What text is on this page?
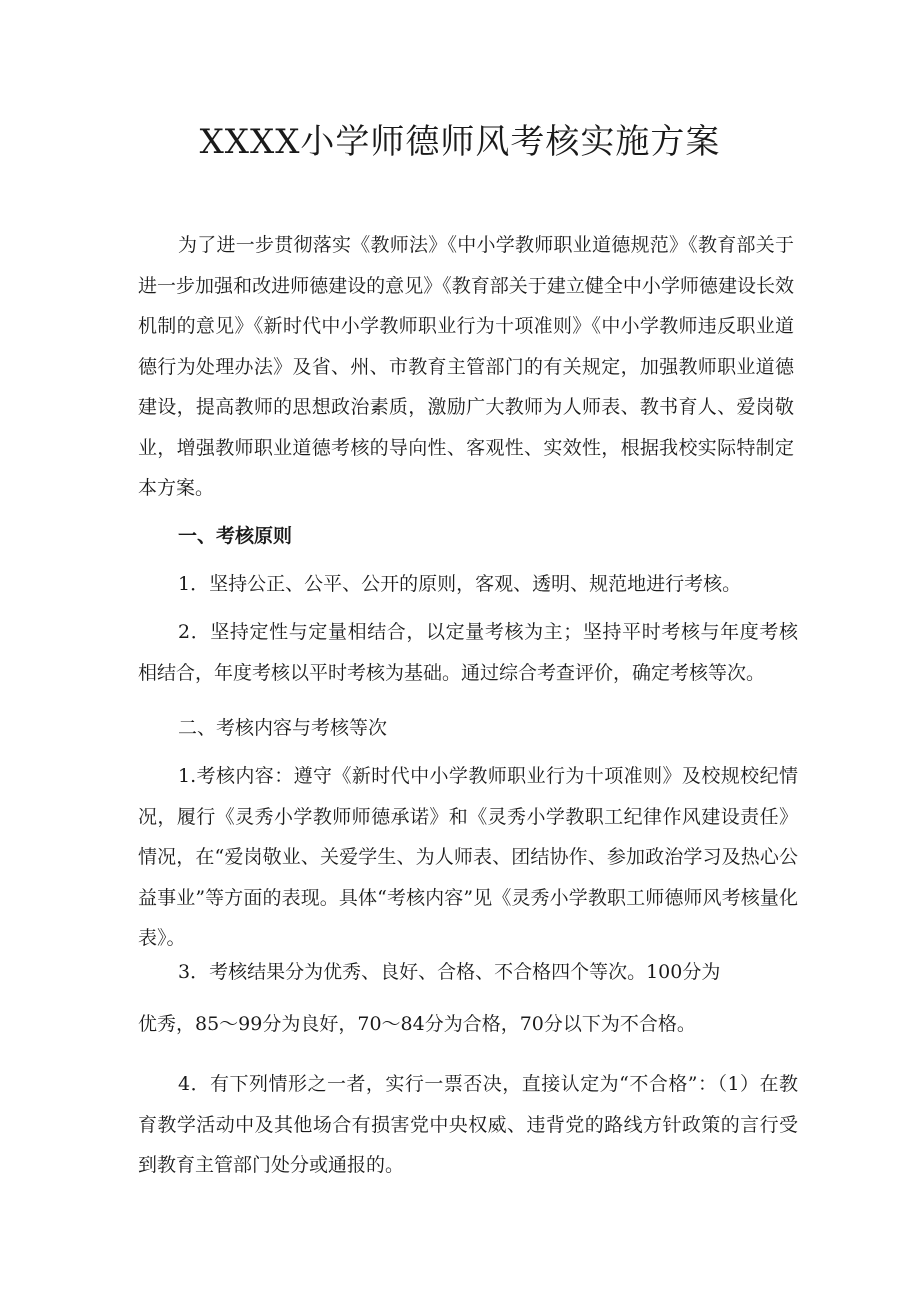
XXXX小学师德师风考核实施方案

为了进一步贯彻落实《教师法》《中小学教师职业道德规范》《教育部关于进一步加强和改进师德建设的意见》《教育部关于建立健全中小学师德建设长效机制的意见》《新时代中小学教师职业行为十项准则》《中小学教师违反职业道德行为处理办法》及省、州、市教育主管部门的有关规定，加强教师职业道德建设，提高教师的思想政治素质，激励广大教师为人师表、教书育人、爱岗敬业，增强教师职业道德考核的导向性、客观性、实效性，根据我校实际特制定本方案。

一、考核原则

1．坚持公正、公平、公开的原则，客观、透明、规范地进行考核。

2．坚持定性与定量相结合，以定量考核为主；坚持平时考核与年度考核相结合，年度考核以平时考核为基础。通过综合考查评价，确定考核等次。

二、考核内容与考核等次

1.考核内容：遵守《新时代中小学教师职业行为十项准则》及校规校纪情况，履行《灵秀小学教师师德承诺》和《灵秀小学教职工纪律作风建设责任》情况，在“爱岗敬业、关爱学生、为人师表、团结协作、参加政治学习及热心公益事业”等方面的表现。具体“考核内容”见《灵秀小学教职工师德师风考核量化表》。

3．考核结果分为优秀、良好、合格、不合格四个等次。100分为

优秀，85～99分为良好，70～84分为合格，70分以下为不合格。

4．有下列情形之一者，实行一票否决，直接认定为“不合格”：（1）在教育教学活动中及其他场合有损害党中央权威、违背党的路线方针政策的言行受到教育主管部门处分或通报的。
